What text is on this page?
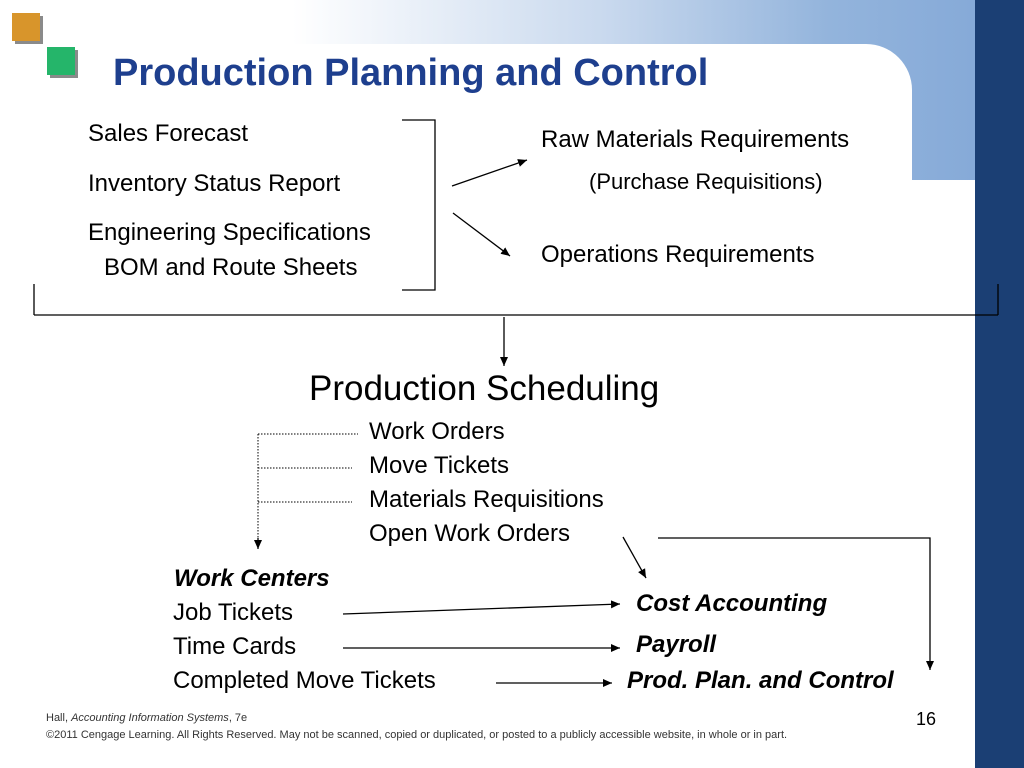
Production Planning and Control
Sales Forecast
Inventory Status Report
Engineering Specifications
BOM and Route Sheets
Raw Materials Requirements
(Purchase Requisitions)
Operations Requirements
Production Scheduling
Work Orders
Move Tickets
Materials Requisitions
Open Work Orders
Work Centers
Job Tickets
Time Cards
Completed Move Tickets
Cost Accounting
Payroll
Prod. Plan. and Control
Hall, Accounting Information Systems, 7e
©2011 Cengage Learning. All Rights Reserved. May not be scanned, copied or duplicated, or posted to a publicly accessible website, in whole or in part.
16
